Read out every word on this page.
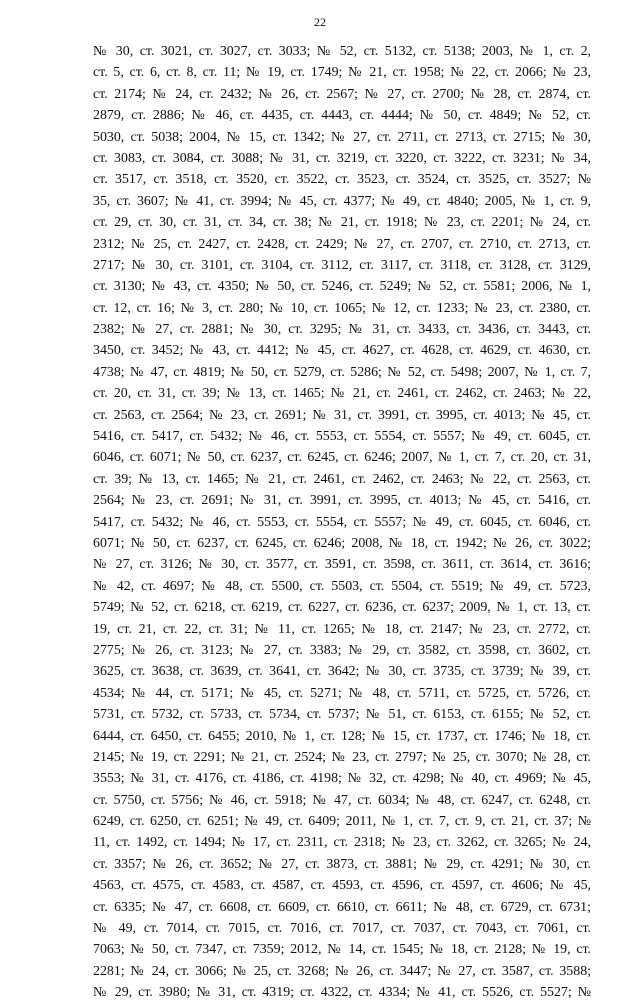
22
№ 30, ст. 3021, ст. 3027, ст. 3033; № 52, ст. 5132, ст. 5138; 2003, № 1, ст. 2,
ст. 5, ст. 6, ст. 8, ст. 11; № 19, ст. 1749; № 21, ст. 1958; № 22, ст. 2066; № 23,
ст. 2174; № 24, ст. 2432; № 26, ст. 2567; № 27, ст. 2700; № 28, ст. 2874, ст.
2879, ст. 2886; № 46, ст. 4435, ст. 4443, ст. 4444; № 50, ст. 4849; № 52, ст.
5030, ст. 5038; 2004, № 15, ст. 1342; № 27, ст. 2711, ст. 2713, ст. 2715; № 30,
ст. 3083, ст. 3084, ст. 3088; № 31, ст. 3219, ст. 3220, ст. 3222, ст. 3231; № 34,
ст. 3517, ст. 3518, ст. 3520, ст. 3522, ст. 3523, ст. 3524, ст. 3525, ст. 3527; №
35, ст. 3607; № 41, ст. 3994; № 45, ст. 4377; № 49, ст. 4840; 2005, № 1, ст. 9,
ст. 29, ст. 30, ст. 31, ст. 34, ст. 38; № 21, ст. 1918; № 23, ст. 2201; № 24, ст.
2312; № 25, ст. 2427, ст. 2428, ст. 2429; № 27, ст. 2707, ст. 2710, ст. 2713, ст.
2717; № 30, ст. 3101, ст. 3104, ст. 3112, ст. 3117, ст. 3118, ст. 3128, ст. 3129,
ст. 3130; № 43, ст. 4350; № 50, ст. 5246, ст. 5249; № 52, ст. 5581; 2006, № 1,
ст. 12, ст. 16; № 3, ст. 280; № 10, ст. 1065; № 12, ст. 1233; № 23, ст. 2380, ст.
2382; № 27, ст. 2881; № 30, ст. 3295; № 31, ст. 3433, ст. 3436, ст. 3443, ст.
3450, ст. 3452; № 43, ст. 4412; № 45, ст. 4627, ст. 4628, ст. 4629, ст. 4630, ст.
4738; № 47, ст. 4819; № 50, ст. 5279, ст. 5286; № 52, ст. 5498; 2007, № 1, ст. 7,
ст. 20, ст. 31, ст. 39; № 13, ст. 1465; № 21, ст. 2461, ст. 2462, ст. 2463; № 22,
ст. 2563, ст. 2564; № 23, ст. 2691; № 31, ст. 3991, ст. 3995, ст. 4013; № 45, ст.
5416, ст. 5417, ст. 5432; № 46, ст. 5553, ст. 5554, ст. 5557; № 49, ст. 6045, ст.
6046, ст. 6071; № 50, ст. 6237, ст. 6245, ст. 6246; 2007, № 1, ст. 7, ст. 20, ст. 31,
ст. 39; № 13, ст. 1465; № 21, ст. 2461, ст. 2462, ст. 2463; № 22, ст. 2563, ст.
2564; № 23, ст. 2691; № 31, ст. 3991, ст. 3995, ст. 4013; № 45, ст. 5416, ст.
5417, ст. 5432; № 46, ст. 5553, ст. 5554, ст. 5557; № 49, ст. 6045, ст. 6046, ст.
6071; № 50, ст. 6237, ст. 6245, ст. 6246; 2008, № 18, ст. 1942; № 26, ст. 3022;
№ 27, ст. 3126; № 30, ст. 3577, ст. 3591, ст. 3598, ст. 3611, ст. 3614, ст. 3616;
№ 42, ст. 4697; № 48, ст. 5500, ст. 5503, ст. 5504, ст. 5519; № 49, ст. 5723,
5749; № 52, ст. 6218, ст. 6219, ст. 6227, ст. 6236, ст. 6237; 2009, № 1, ст. 13, ст.
19, ст. 21, ст. 22, ст. 31; № 11, ст. 1265; № 18, ст. 2147; № 23, ст. 2772, ст.
2775; № 26, ст. 3123; № 27, ст. 3383; № 29, ст. 3582, ст. 3598, ст. 3602, ст.
3625, ст. 3638, ст. 3639, ст. 3641, ст. 3642; № 30, ст. 3735, ст. 3739; № 39, ст.
4534; № 44, ст. 5171; № 45, ст. 5271; № 48, ст. 5711, ст. 5725, ст. 5726, ст.
5731, ст. 5732, ст. 5733, ст. 5734, ст. 5737; № 51, ст. 6153, ст. 6155; № 52, ст.
6444, ст. 6450, ст. 6455; 2010, № 1, ст. 128; № 15, ст. 1737, ст. 1746; № 18, ст.
2145; № 19, ст. 2291; № 21, ст. 2524; № 23, ст. 2797; № 25, ст. 3070; № 28, ст.
3553; № 31, ст. 4176, ст. 4186, ст. 4198; № 32, ст. 4298; № 40, ст. 4969; № 45,
ст. 5750, ст. 5756; № 46, ст. 5918; № 47, ст. 6034; № 48, ст. 6247, ст. 6248, ст.
6249, ст. 6250, ст. 6251; № 49, ст. 6409; 2011, № 1, ст. 7, ст. 9, ст. 21, ст. 37; №
11, ст. 1492, ст. 1494; № 17, ст. 2311, ст. 2318; № 23, ст. 3262, ст. 3265; № 24,
ст. 3357; № 26, ст. 3652; № 27, ст. 3873, ст. 3881; № 29, ст. 4291; № 30, ст.
4563, ст. 4575, ст. 4583, ст. 4587, ст. 4593, ст. 4596, ст. 4597, ст. 4606; № 45,
ст. 6335; № 47, ст. 6608, ст. 6609, ст. 6610, ст. 6611; № 48, ст. 6729, ст. 6731;
№ 49, ст. 7014, ст. 7015, ст. 7016, ст. 7017, ст. 7037, ст. 7043, ст. 7061, ст.
7063; № 50, ст. 7347, ст. 7359; 2012, № 14, ст. 1545; № 18, ст. 2128; № 19, ст.
2281; № 24, ст. 3066; № 25, ст. 3268; № 26, ст. 3447; № 27, ст. 3587, ст. 3588;
№ 29, ст. 3980; № 31, ст. 4319; ст. 4322, ст. 4334; № 41, ст. 5526, ст. 5527; №
